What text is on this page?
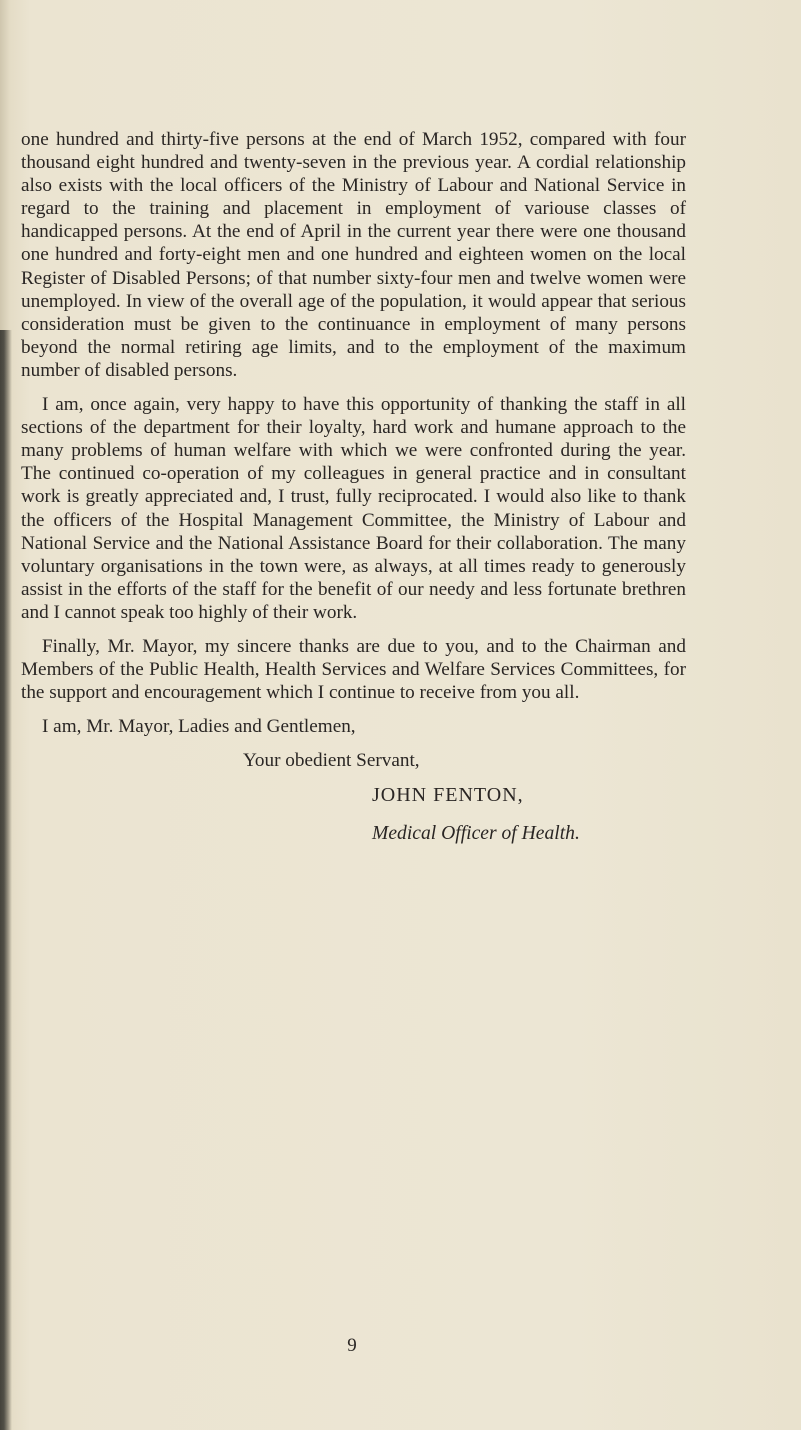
one hundred and thirty-five persons at the end of March 1952, compared with four thousand eight hundred and twenty-seven in the previous year. A cordial relationship also exists with the local officers of the Ministry of Labour and National Service in regard to the training and placement in employment of variouse classes of handicapped persons. At the end of April in the current year there were one thousand one hundred and forty-eight men and one hundred and eighteen women on the local Register of Disabled Persons; of that number sixty-four men and twelve women were unemployed. In view of the overall age of the population, it would appear that serious consideration must be given to the continuance in employment of many persons beyond the normal retiring age limits, and to the employment of the maximum number of disabled persons.

I am, once again, very happy to have this opportunity of thanking the staff in all sections of the department for their loyalty, hard work and humane approach to the many problems of human welfare with which we were confronted during the year. The continued co-operation of my colleagues in general practice and in consultant work is greatly appreciated and, I trust, fully reciprocated. I would also like to thank the officers of the Hospital Management Committee, the Ministry of Labour and National Service and the National Assistance Board for their collaboration. The many voluntary organisations in the town were, as always, at all times ready to generously assist in the efforts of the staff for the benefit of our needy and less fortunate brethren and I cannot speak too highly of their work.

Finally, Mr. Mayor, my sincere thanks are due to you, and to the Chairman and Members of the Public Health, Health Services and Welfare Services Committees, for the support and encouragement which I continue to receive from you all.

I am, Mr. Mayor, Ladies and Gentlemen,

Your obedient Servant,

JOHN FENTON,

Medical Officer of Health.

9
